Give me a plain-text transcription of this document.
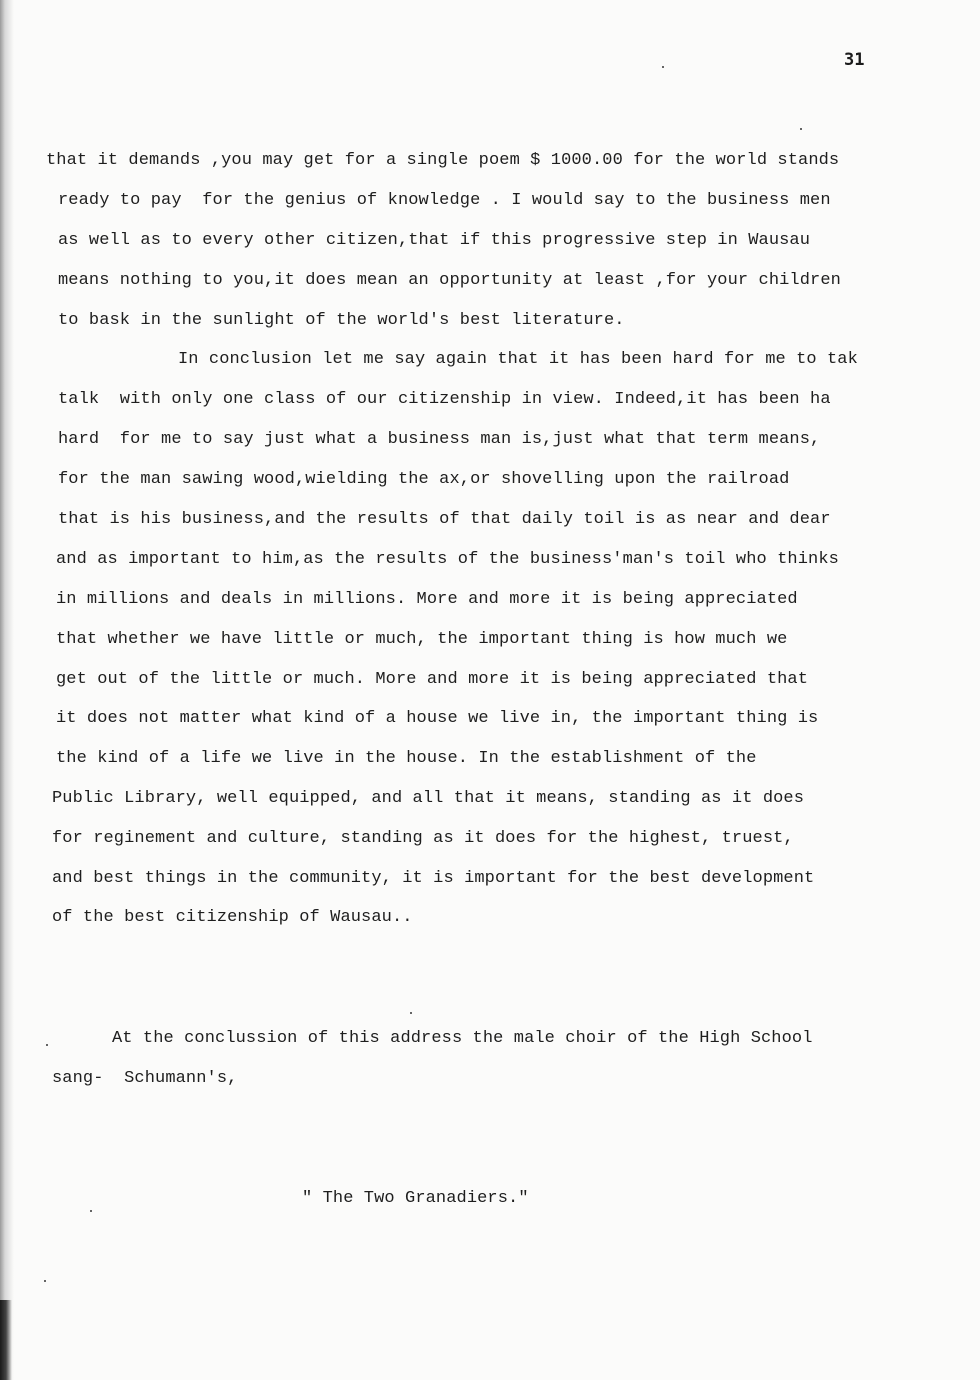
31
that it demands ,you may get for a single poem $ 1000.00 for the world stands
ready to pay  for the genius of knowledge . I would say to the business men
as well as to every other citizen,that if this progressive step in Wausau
means nothing to you,it does mean an opportunity at least ,for your children
to bask in the sunlight of the world's best literature.
In conclusion let me say again that it has been hard for me to tak
talk  with only one class of our citizenship in view. Indeed,it has been ha
hard  for me to say just what a business man is,just what that term means,
for the man sawing wood,wielding the ax,or shovelling upon the railroad
that is his business,and the results of that daily toil is as near and dear
and as important to him,as the results of the business'man's toil who thinks
in millions and deals in millions. More and more it is being appreciated
that whether we have little or much, the important thing is how much we
get out of the little or much. More and more it is being appreciated that
it does not matter what kind of a house we live in, the important thing is
the kind of a life we live in the house. In the establishment of the
Public Library, well equipped, and all that it means, standing as it does
for reginement and culture, standing as it does for the highest, truest,
and best things in the community, it is important for the best development
of the best citizenship of Wausau..
At the conclussion of this address the male choir of the High School
sang-  Schumann's,
" The Two Granadiers."
